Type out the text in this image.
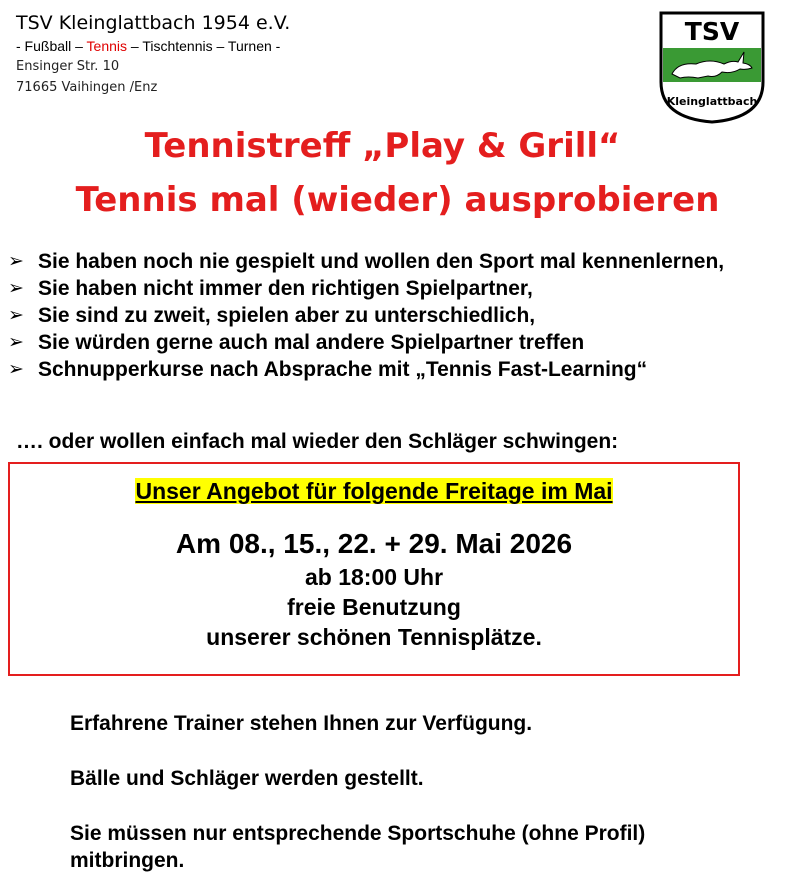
TSV Kleinglattbach 1954 e.V.
- Fußball – Tennis – Tischtennis – Turnen -
Ensinger Str. 10
71665 Vaihingen /Enz
TSV
Kleinglattbach
Tennistreff „Play & Grill“
Tennis mal (wieder) ausprobieren
➢ Sie haben noch nie gespielt und wollen den Sport mal kennenlernen,
➢ Sie haben nicht immer den richtigen Spielpartner,
➢ Sie sind zu zweit, spielen aber zu unterschiedlich,
➢ Sie würden gerne auch mal andere Spielpartner treffen
➢ Schnupperkurse nach Absprache mit „Tennis Fast-Learning“
…. oder wollen einfach mal wieder den Schläger schwingen:
Unser Angebot für folgende Freitage im Mai
Am 08., 15., 22. + 29. Mai 2026
ab 18:00 Uhr
freie Benutzung
unserer schönen Tennisplätze.
Erfahrene Trainer stehen Ihnen zur Verfügung.
Bälle und Schläger werden gestellt.
Sie müssen nur entsprechende Sportschuhe (ohne Profil) mitbringen.
